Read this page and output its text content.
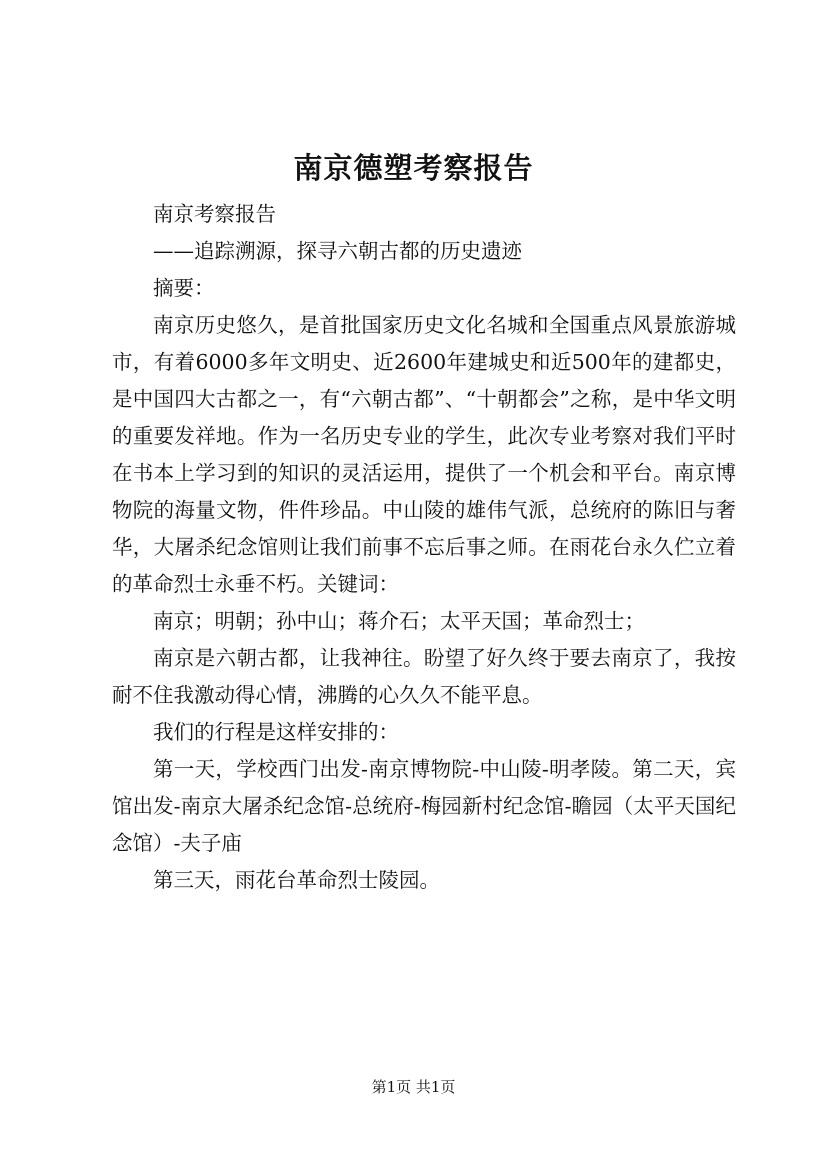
南京德塑考察报告

南京考察报告

——追踪溯源，探寻六朝古都的历史遗迹

摘要：

南京历史悠久，是首批国家历史文化名城和全国重点风景旅游城市，有着6000多年文明史、近2600年建城史和近500年的建都史，是中国四大古都之一，有“六朝古都”、“十朝都会”之称，是中华文明的重要发祥地。作为一名历史专业的学生，此次专业考察对我们平时在书本上学习到的知识的灵活运用，提供了一个机会和平台。南京博物院的海量文物，件件珍品。中山陵的雄伟气派，总统府的陈旧与奢华，大屠杀纪念馆则让我们前事不忘后事之师。在雨花台永久伫立着的革命烈士永垂不朽。关键词：

南京；明朝；孙中山；蒋介石；太平天国；革命烈士；

南京是六朝古都，让我神往。盼望了好久终于要去南京了，我按耐不住我激动得心情，沸腾的心久久不能平息。

我们的行程是这样安排的：

第一天，学校西门出发-南京博物院-中山陵-明孝陵。第二天，宾馆出发-南京大屠杀纪念馆-总统府-梅园新村纪念馆-瞻园（太平天国纪念馆）-夫子庙

第三天，雨花台革命烈士陵园。

第1页 共1页
